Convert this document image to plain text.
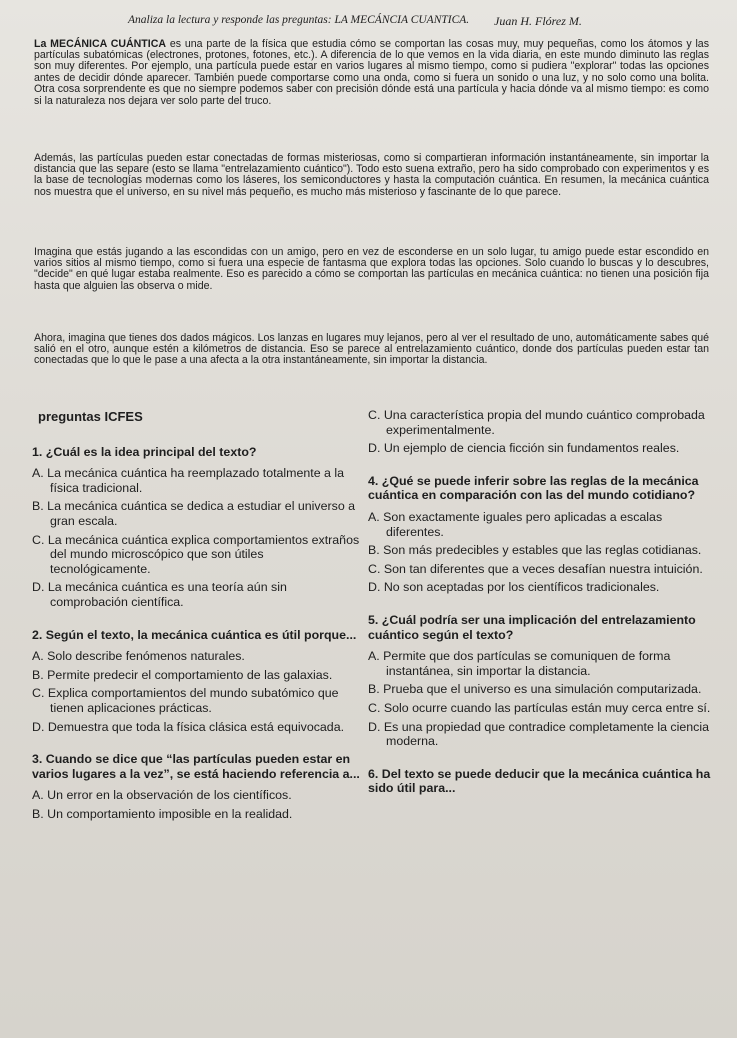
Analiza la lectura y responde las preguntas: LA MECÁNCIA CUANTICA. Juan H. Flórez M.

La MECÁNICA CUÁNTICA es una parte de la física que estudia cómo se comportan las cosas muy, muy pequeñas, como los átomos y las partículas subatómicas (electrones, protones, fotones, etc.). A diferencia de lo que vemos en la vida diaria, en este mundo diminuto las reglas son muy diferentes. Por ejemplo, una partícula puede estar en varios lugares al mismo tiempo, como si pudiera "explorar" todas las opciones antes de decidir dónde aparecer. También puede comportarse como una onda, como si fuera un sonido o una luz, y no solo como una bolita. Otra cosa sorprendente es que no siempre podemos saber con precisión dónde está una partícula y hacia dónde va al mismo tiempo: es como si la naturaleza nos dejara ver solo parte del truco.

Además, las partículas pueden estar conectadas de formas misteriosas, como si compartieran información instantáneamente, sin importar la distancia que las separe (esto se llama "entrelazamiento cuántico"). Todo esto suena extraño, pero ha sido comprobado con experimentos y es la base de tecnologías modernas como los láseres, los semiconductores y hasta la computación cuántica. En resumen, la mecánica cuántica nos muestra que el universo, en su nivel más pequeño, es mucho más misterioso y fascinante de lo que parece.

Imagina que estás jugando a las escondidas con un amigo, pero en vez de esconderse en un solo lugar, tu amigo puede estar escondido en varios sitios al mismo tiempo, como si fuera una especie de fantasma que explora todas las opciones. Solo cuando lo buscas y lo descubres, "decide" en qué lugar estaba realmente. Eso es parecido a cómo se comportan las partículas en mecánica cuántica: no tienen una posición fija hasta que alguien las observa o mide.

Ahora, imagina que tienes dos dados mágicos. Los lanzas en lugares muy lejanos, pero al ver el resultado de uno, automáticamente sabes qué salió en el otro, aunque estén a kilómetros de distancia. Eso se parece al entrelazamiento cuántico, donde dos partículas pueden estar tan conectadas que lo que le pase a una afecta a la otra instantáneamente, sin importar la distancia.

preguntas ICFES
1. ¿Cuál es la idea principal del texto?
A. La mecánica cuántica ha reemplazado totalmente a la física tradicional.
B. La mecánica cuántica se dedica a estudiar el universo a gran escala.
C. La mecánica cuántica explica comportamientos extraños del mundo microscópico que son útiles tecnológicamente.
D. La mecánica cuántica es una teoría aún sin comprobación científica.
2. Según el texto, la mecánica cuántica es útil porque...
A. Solo describe fenómenos naturales.
B. Permite predecir el comportamiento de las galaxias.
C. Explica comportamientos del mundo subatómico que tienen aplicaciones prácticas.
D. Demuestra que toda la física clásica está equivocada.
3. Cuando se dice que “las partículas pueden estar en varios lugares a la vez”, se está haciendo referencia a...
A. Un error en la observación de los científicos.
B. Un comportamiento imposible en la realidad.
C. Una característica propia del mundo cuántico comprobada experimentalmente.
D. Un ejemplo de ciencia ficción sin fundamentos reales.
4. ¿Qué se puede inferir sobre las reglas de la mecánica cuántica en comparación con las del mundo cotidiano?
A. Son exactamente iguales pero aplicadas a escalas diferentes.
B. Son más predecibles y estables que las reglas cotidianas.
C. Son tan diferentes que a veces desafían nuestra intuición.
D. No son aceptadas por los científicos tradicionales.
5. ¿Cuál podría ser una implicación del entrelazamiento cuántico según el texto?
A. Permite que dos partículas se comuniquen de forma instantánea, sin importar la distancia.
B. Prueba que el universo es una simulación computarizada.
C. Solo ocurre cuando las partículas están muy cerca entre sí.
D. Es una propiedad que contradice completamente la ciencia moderna.
6. Del texto se puede deducir que la mecánica cuántica ha sido útil para...
